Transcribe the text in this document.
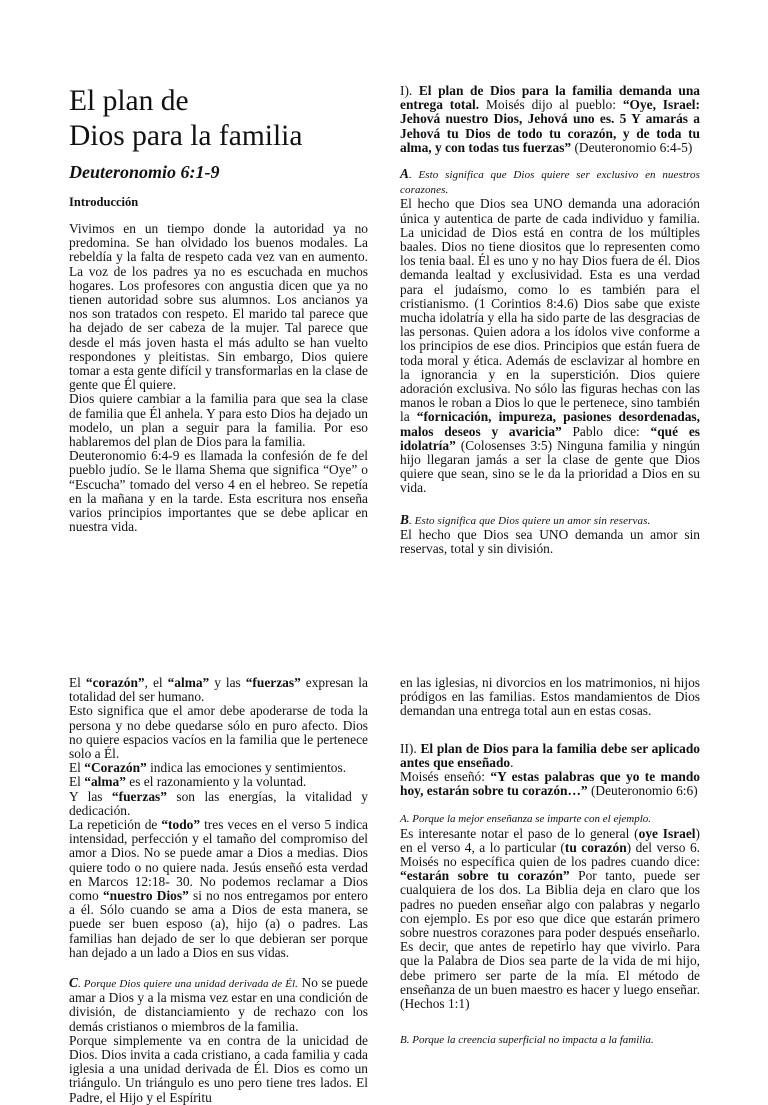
El plan de
Dios para la familia
Deuteronomio 6:1-9
Introducción

Vivimos en un tiempo donde la autoridad ya no predomina. Se han olvidado los buenos modales. La rebeldía y la falta de respeto cada vez van en aumento. La voz de los padres ya no es escuchada en muchos hogares. Los profesores con angustia dicen que ya no tienen autoridad sobre sus alumnos. Los ancianos ya nos son tratados con respeto. El marido tal parece que ha dejado de ser cabeza de la mujer. Tal parece que desde el más joven hasta el más adulto se han vuelto respondones y pleitistas. Sin embargo, Dios quiere tomar a esta gente difícil y transformarlas en la clase de gente que Él quiere.

Dios quiere cambiar a la familia para que sea la clase de familia que Él anhela. Y para esto Dios ha dejado un modelo, un plan a seguir para la familia. Por eso hablaremos del plan de Dios para la familia.

Deuteronomio 6:4-9 es llamada la confesión de fe del pueblo judío. Se le llama Shema que significa “Oye” o “Escucha” tomado del verso 4 en el hebreo. Se repetía en la mañana y en la tarde. Esta escritura nos enseña varios principios importantes que se debe aplicar en nuestra vida.

I). El plan de Dios para la familia demanda una entrega total. Moisés dijo al pueblo: “Oye, Israel: Jehová nuestro Dios, Jehová uno es. 5 Y amarás a Jehová tu Dios de todo tu corazón, y de toda tu alma, y con todas tus fuerzas” (Deuteronomio 6:4-5)

A. Esto significa que Dios quiere ser exclusivo en nuestros corazones.

El hecho que Dios sea UNO demanda una adoración única y autentica de parte de cada individuo y familia. La unicidad de Dios está en contra de los múltiples baales. Dios no tiene diositos que lo representen como los tenia baal. Él es uno y no hay Dios fuera de él. Dios demanda lealtad y exclusividad. Esta es una verdad para el judaísmo, como lo es también para el cristianismo. (1 Corintios 8:4.6) Dios sabe que existe mucha idolatría y ella ha sido parte de las desgracias de las personas. Quien adora a los ídolos vive conforme a los principios de ese dios. Principios que están fuera de toda moral y ética. Además de esclavizar al hombre en la ignorancia y en la superstición. Dios quiere adoración exclusiva. No sólo las figuras hechas con las manos le roban a Dios lo que le pertenece, sino también la “fornicación, impureza, pasiones desordenadas, malos deseos y avaricia” Pablo dice: “qué es idolatría” (Colosenses 3:5) Ninguna familia y ningún hijo llegaran jamás a ser la clase de gente que Dios quiere que sean, sino se le da la prioridad a Dios en su vida.

B. Esto significa que Dios quiere un amor sin reservas.

El hecho que Dios sea UNO demanda un amor sin reservas, total y sin división.

El “corazón”, el “alma” y las “fuerzas” expresan la totalidad del ser humano.

Esto significa que el amor debe apoderarse de toda la persona y no debe quedarse sólo en puro afecto. Dios no quiere espacios vacíos en la familia que le pertenece solo a Él.

El “Corazón” indica las emociones y sentimientos.

El “alma” es el razonamiento y la voluntad.

Y las “fuerzas” son las energías, la vitalidad y dedicación.

La repetición de “todo” tres veces en el verso 5 indica intensidad, perfección y el tamaño del compromiso del amor a Dios. No se puede amar a Dios a medias. Dios quiere todo o no quiere nada. Jesús enseñó esta verdad en Marcos 12:18- 30. No podemos reclamar a Dios como “nuestro Dios” si no nos entregamos por entero a él. Sólo cuando se ama a Dios de esta manera, se puede ser buen esposo (a), hijo (a) o padres. Las familias han dejado de ser lo que debieran ser porque han dejado a un lado a Dios en sus vidas.

C. Porque Dios quiere una unidad derivada de Él. No se puede amar a Dios y a la misma vez estar en una condición de división, de distanciamiento y de rechazo con los demás cristianos o miembros de la familia.

Porque simplemente va en contra de la unicidad de Dios. Dios invita a cada cristiano, a cada familia y cada iglesia a una unidad derivada de Él. Dios es como un triángulo. Un triángulo es uno pero tiene tres lados. El Padre, el Hijo y el Espíritu

en las iglesias, ni divorcios en los matrimonios, ni hijos pródigos en las familias. Estos mandamientos de Dios demandan una entrega total aun en estas cosas.

II). El plan de Dios para la familia debe ser aplicado antes que enseñado.

Moisés enseñó: “Y estas palabras que yo te mando hoy, estarán sobre tu corazón…” (Deuteronomio 6:6)

A. Porque la mejor enseñanza se imparte con el ejemplo.

Es interesante notar el paso de lo general (oye Israel) en el verso 4, a lo particular (tu corazón) del verso 6. Moisés no específica quien de los padres cuando dice: “estarán sobre tu corazón” Por tanto, puede ser cualquiera de los dos. La Biblia deja en claro que los padres no pueden enseñar algo con palabras y negarlo con ejemplo. Es por eso que dice que estarán primero sobre nuestros corazones para poder después enseñarlo. Es decir, que antes de repetirlo hay que vivirlo. Para que la Palabra de Dios sea parte de la vida de mi hijo, debe primero ser parte de la mía. El método de enseñanza de un buen maestro es hacer y luego enseñar. (Hechos 1:1)

B. Porque la creencia superficial no impacta a la familia.
